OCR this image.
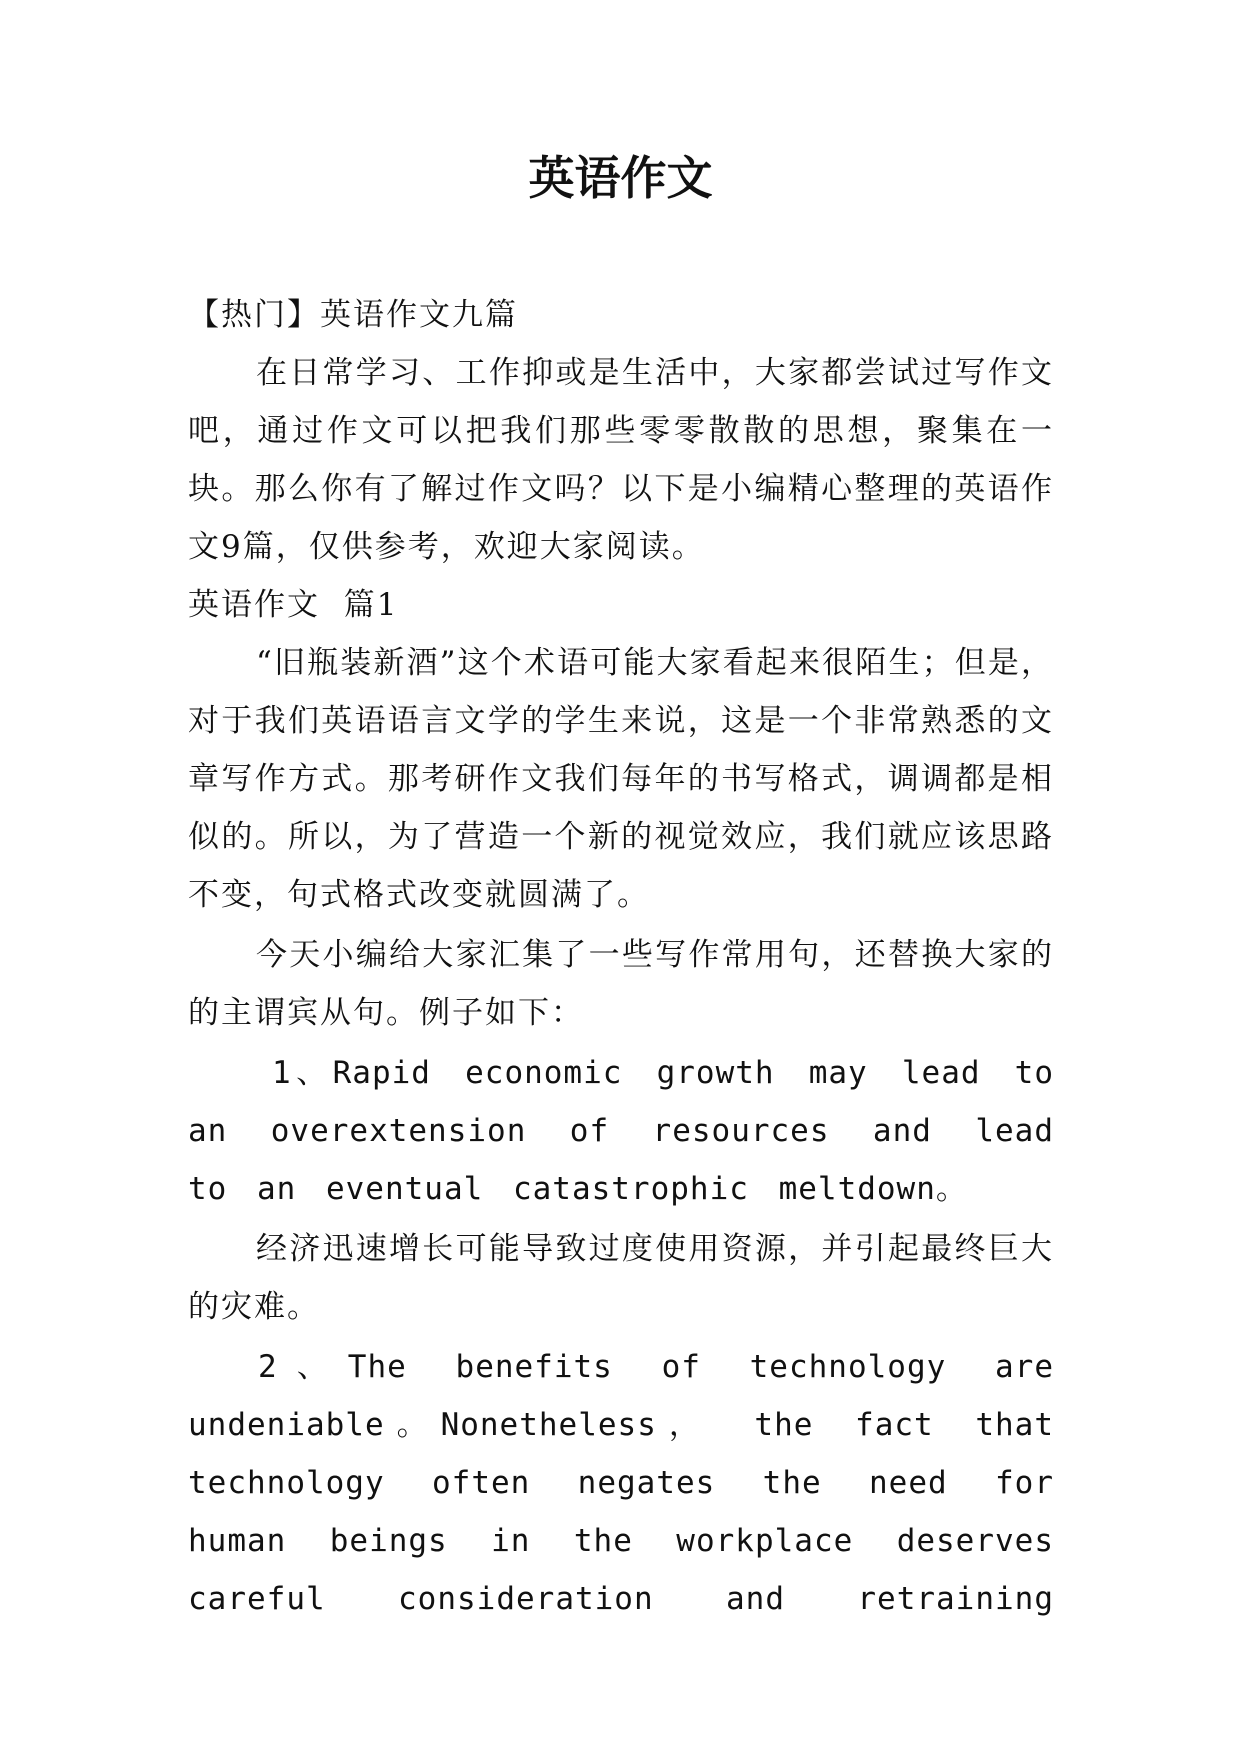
英语作文

【热门】英语作文九篇

在日常学习、工作抑或是生活中，大家都尝试过写作文吧，通过作文可以把我们那些零零散散的思想，聚集在一块。那么你有了解过作文吗？以下是小编精心整理的英语作文9篇，仅供参考，欢迎大家阅读。

英语作文  篇1

“旧瓶装新酒”这个术语可能大家看起来很陌生；但是，对于我们英语语言文学的学生来说，这是一个非常熟悉的文章写作方式。那考研作文我们每年的书写格式，调调都是相似的。所以，为了营造一个新的视觉效应，我们就应该思路不变，句式格式改变就圆满了。

今天小编给大家汇集了一些写作常用句，还替换大家的的主谓宾从句。例子如下：

1、Rapid economic growth may lead to an overextension of resources and lead to an eventual catastrophic meltdown。

经济迅速增长可能导致过度使用资源，并引起最终巨大的灾难。

2、The benefits of technology are undeniable。Nonetheless， the fact that technology often negates the need for human beings in the workplace deserves careful consideration and retraining
